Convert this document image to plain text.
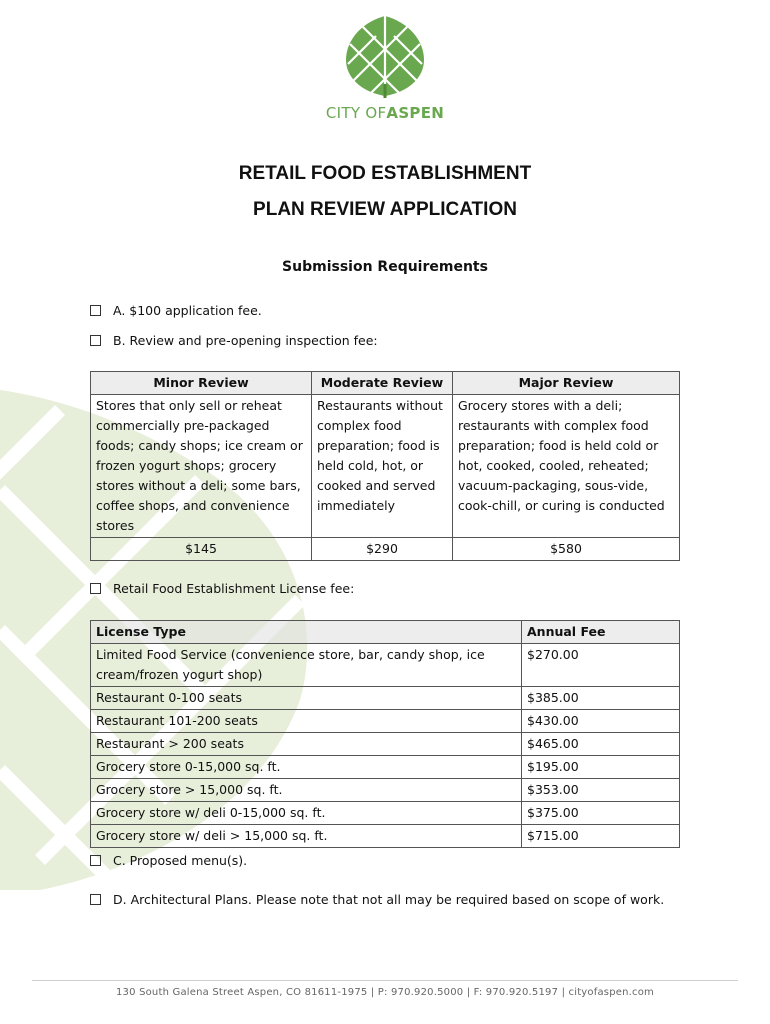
CITY OFASPEN
RETAIL FOOD ESTABLISHMENT
PLAN REVIEW APPLICATION
Submission Requirements
A. $100 application fee.
B. Review and pre-opening inspection fee:
Minor Review	Moderate Review	Major Review
Stores that only sell or reheat commercially pre-packaged foods; candy shops; ice cream or frozen yogurt shops; grocery stores without a deli; some bars, coffee shops, and convenience stores	Restaurants without complex food preparation; food is held cold, hot, or cooked and served immediately	Grocery stores with a deli; restaurants with complex food preparation; food is held cold or hot, cooked, cooled, reheated; vacuum-packaging, sous-vide, cook-chill, or curing is conducted
$145	$290	$580
Retail Food Establishment License fee:
License Type	Annual Fee
Limited Food Service (convenience store, bar, candy shop, ice cream/frozen yogurt shop)	$270.00
Restaurant 0-100 seats	$385.00
Restaurant 101-200 seats	$430.00
Restaurant > 200 seats	$465.00
Grocery store 0-15,000 sq. ft.	$195.00
Grocery store > 15,000 sq. ft.	$353.00
Grocery store w/ deli 0-15,000 sq. ft.	$375.00
Grocery store w/ deli > 15,000 sq. ft.	$715.00
C. Proposed menu(s).
D. Architectural Plans. Please note that not all may be required based on scope of work.
130 South Galena Street Aspen, CO 81611-1975 | P: 970.920.5000 | F: 970.920.5197 | cityofaspen.com
